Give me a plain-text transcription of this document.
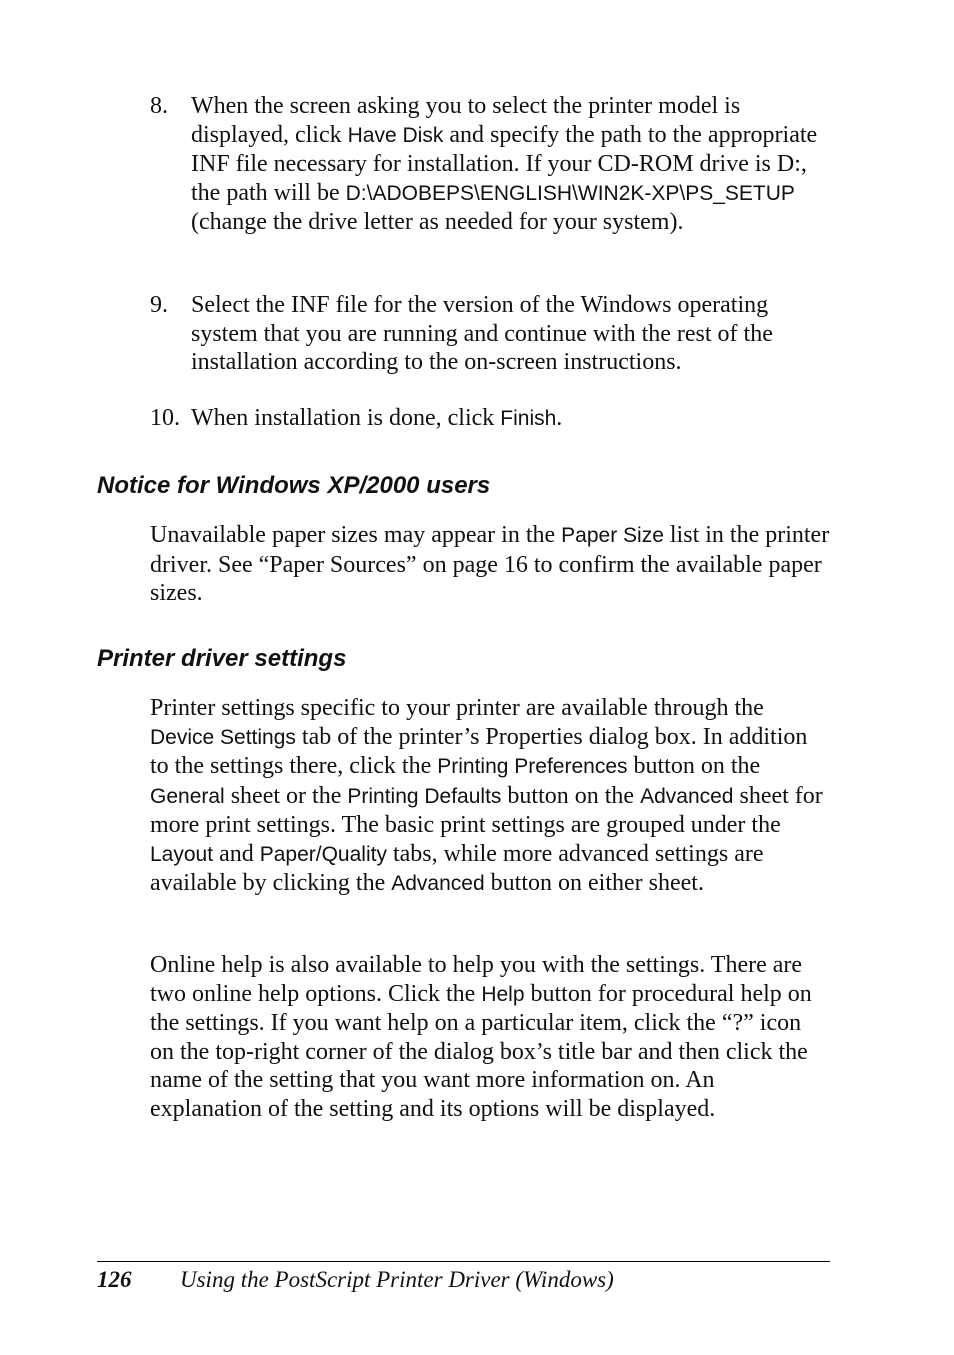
8. When the screen asking you to select the printer model is displayed, click Have Disk and specify the path to the appropriate INF file necessary for installation. If your CD-ROM drive is D:, the path will be D:\ADOBEPS\ENGLISH\WIN2K-XP\PS_SETUP (change the drive letter as needed for your system).
9. Select the INF file for the version of the Windows operating system that you are running and continue with the rest of the installation according to the on-screen instructions.
10. When installation is done, click Finish.
Notice for Windows XP/2000 users
Unavailable paper sizes may appear in the Paper Size list in the printer driver. See “Paper Sources” on page 16 to confirm the available paper sizes.
Printer driver settings
Printer settings specific to your printer are available through the Device Settings tab of the printer’s Properties dialog box. In addition to the settings there, click the Printing Preferences button on the General sheet or the Printing Defaults button on the Advanced sheet for more print settings. The basic print settings are grouped under the Layout and Paper/Quality tabs, while more advanced settings are available by clicking the Advanced button on either sheet.
Online help is also available to help you with the settings. There are two online help options. Click the Help button for procedural help on the settings. If you want help on a particular item, click the “?” icon on the top-right corner of the dialog box’s title bar and then click the name of the setting that you want more information on. An explanation of the setting and its options will be displayed.
126 Using the PostScript Printer Driver (Windows)
